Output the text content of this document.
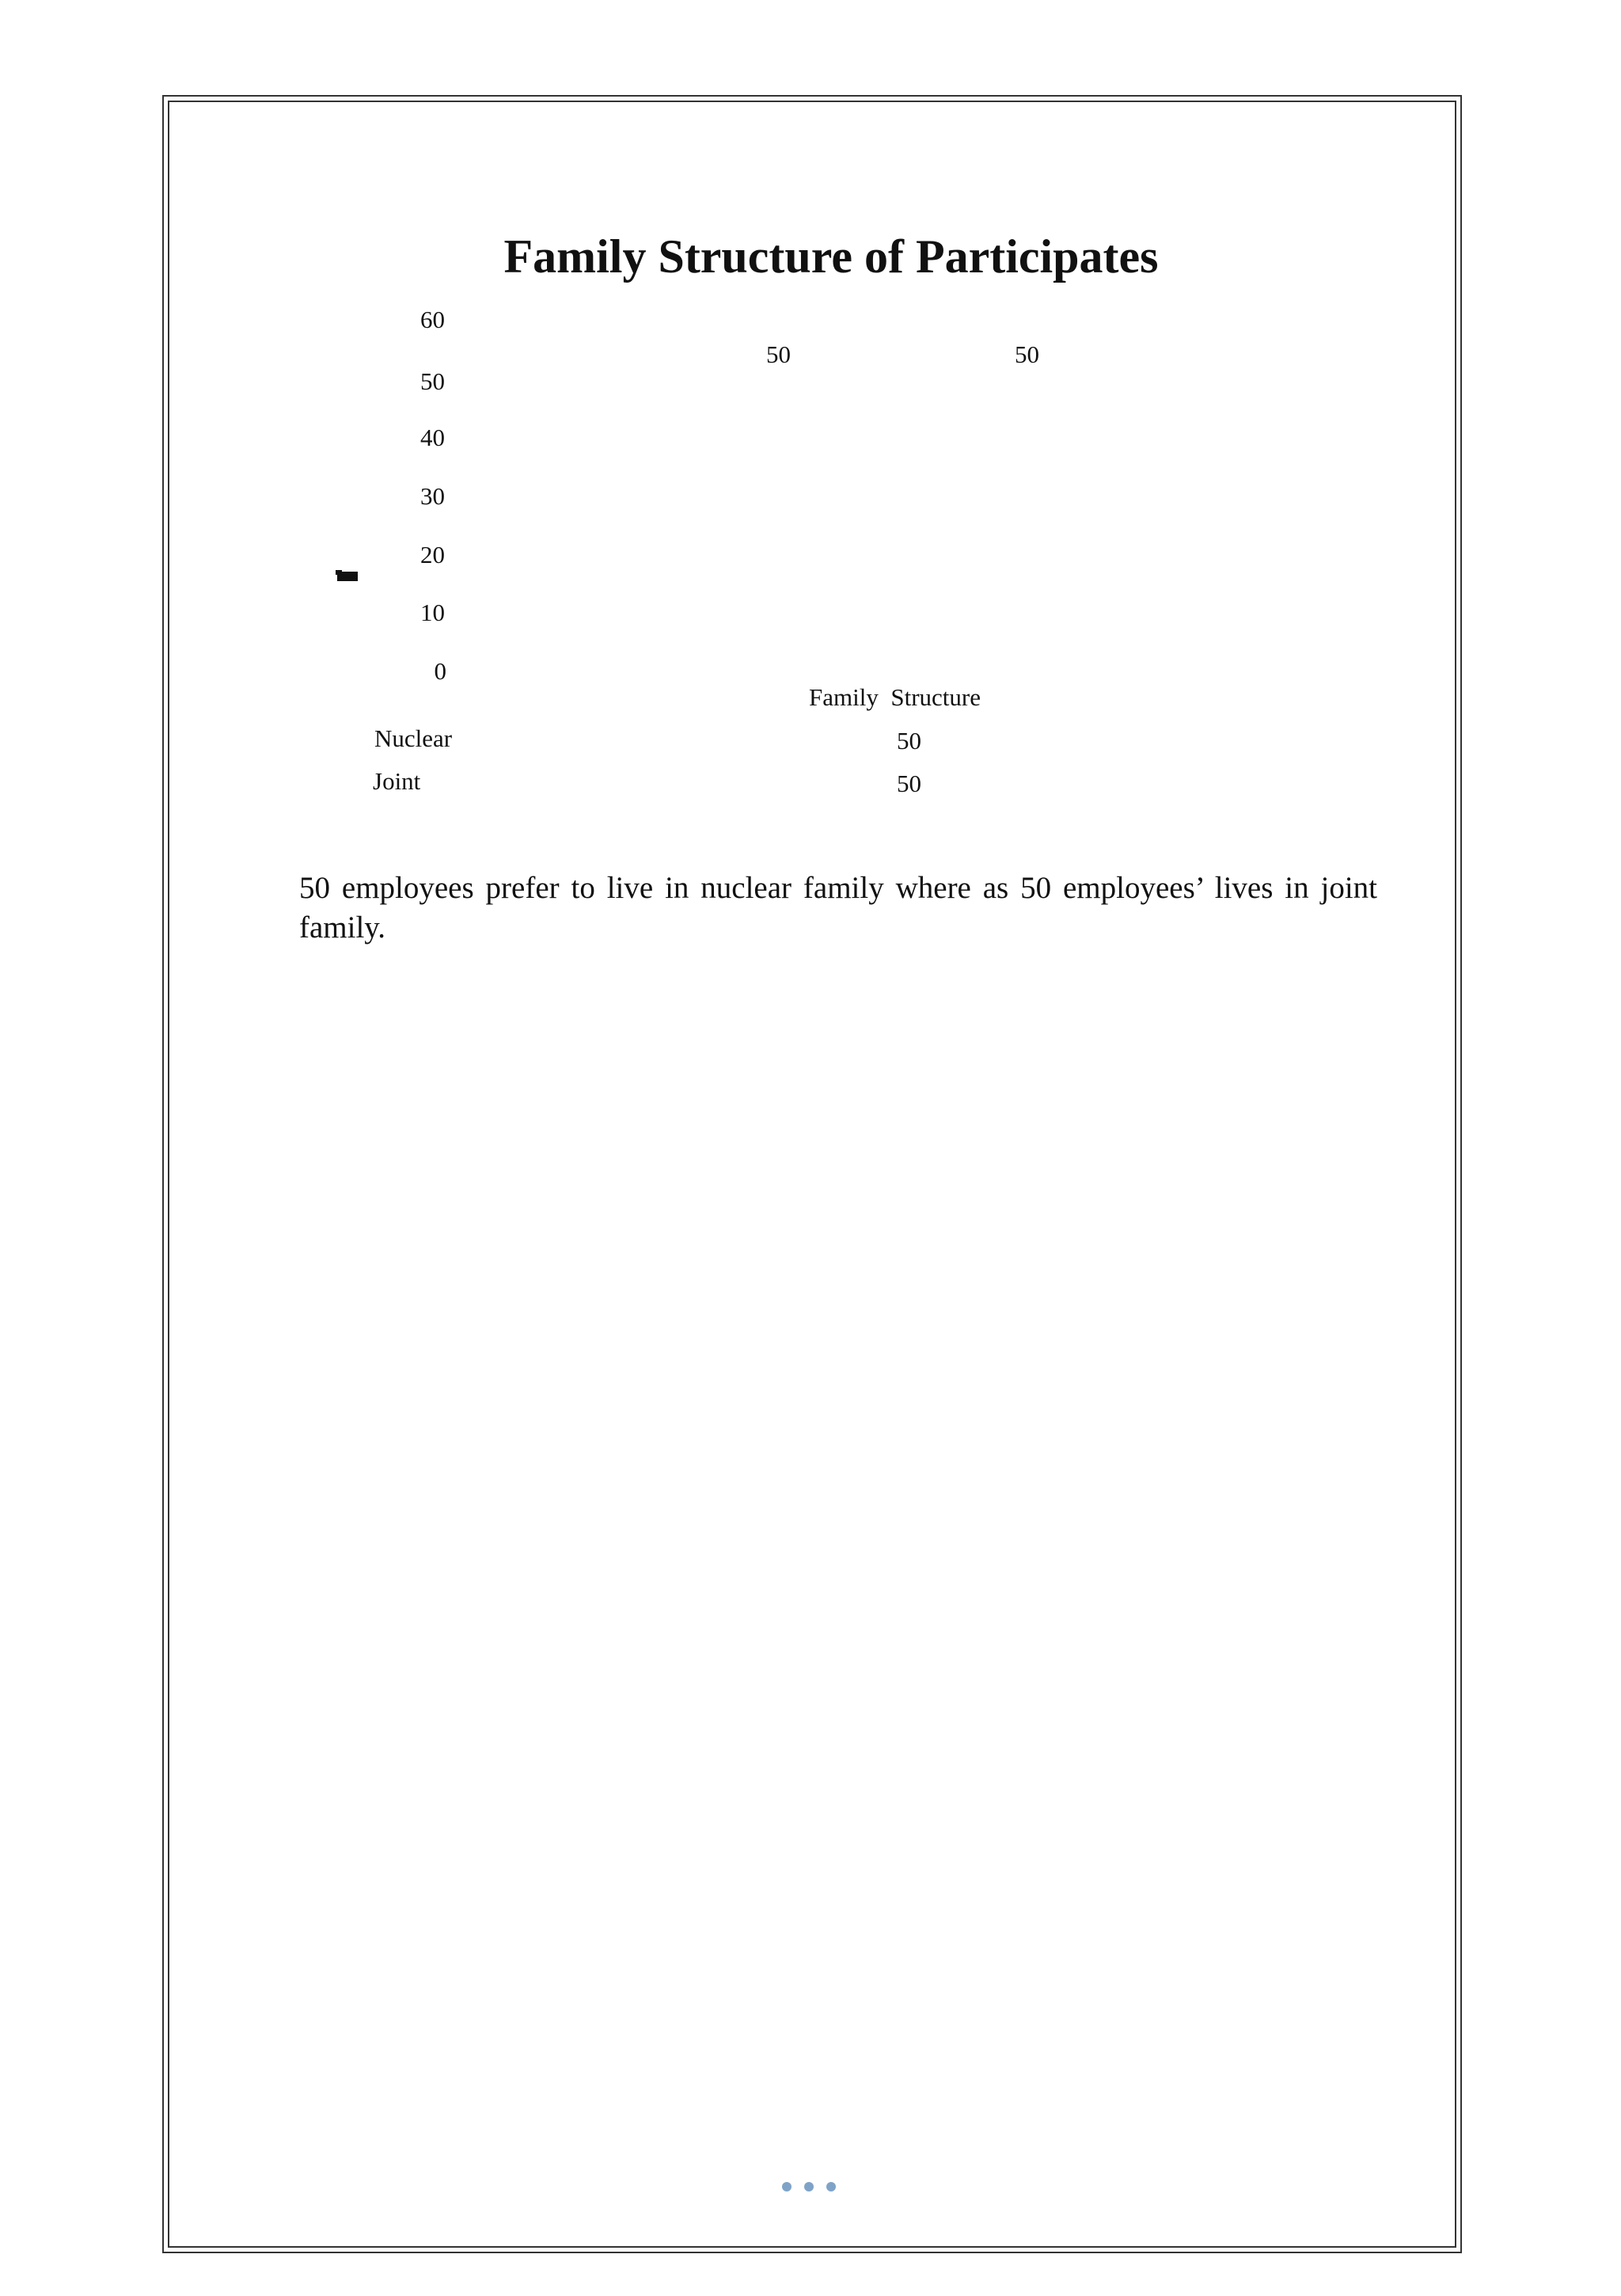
Family Structure of Participates
60
50
40
30
20
10
0
50	50
Family  Structure
Nuclear	50
Joint	50

50 employees prefer to live in nuclear family where as 50 employees’ lives in joint family.
